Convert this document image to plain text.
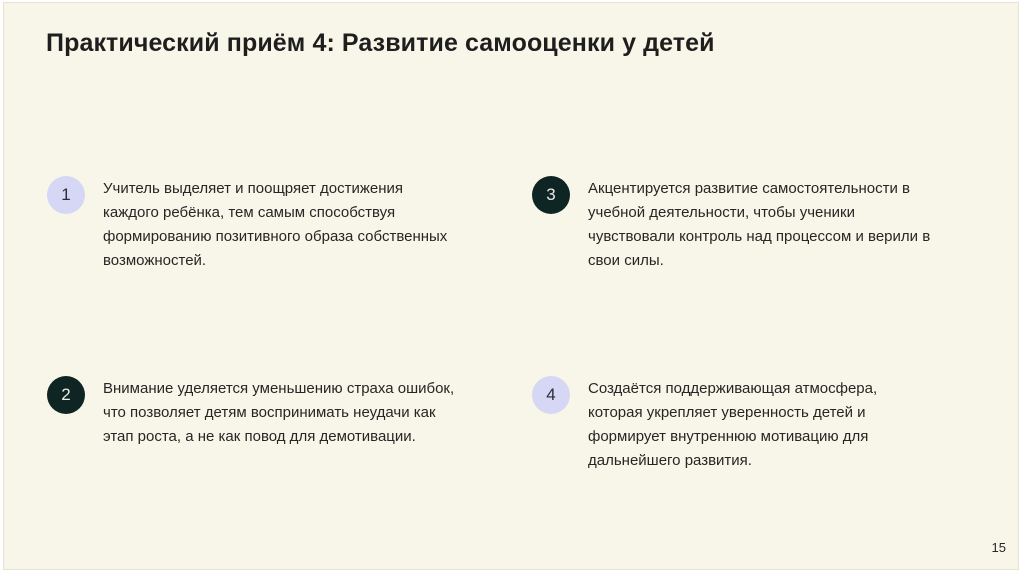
Практический приём 4: Развитие самооценки у детей
1	Учитель выделяет и поощряет достижения каждого ребёнка, тем самым способствуя формированию позитивного образа собственных возможностей.
2	Внимание уделяется уменьшению страха ошибок, что позволяет детям воспринимать неудачи как этап роста, а не как повод для демотивации.
3	Акцентируется развитие самостоятельности в учебной деятельности, чтобы ученики чувствовали контроль над процессом и верили в свои силы.
4	Создаётся поддерживающая атмосфера, которая укрепляет уверенность детей и формирует внутреннюю мотивацию для дальнейшего развития.
15
